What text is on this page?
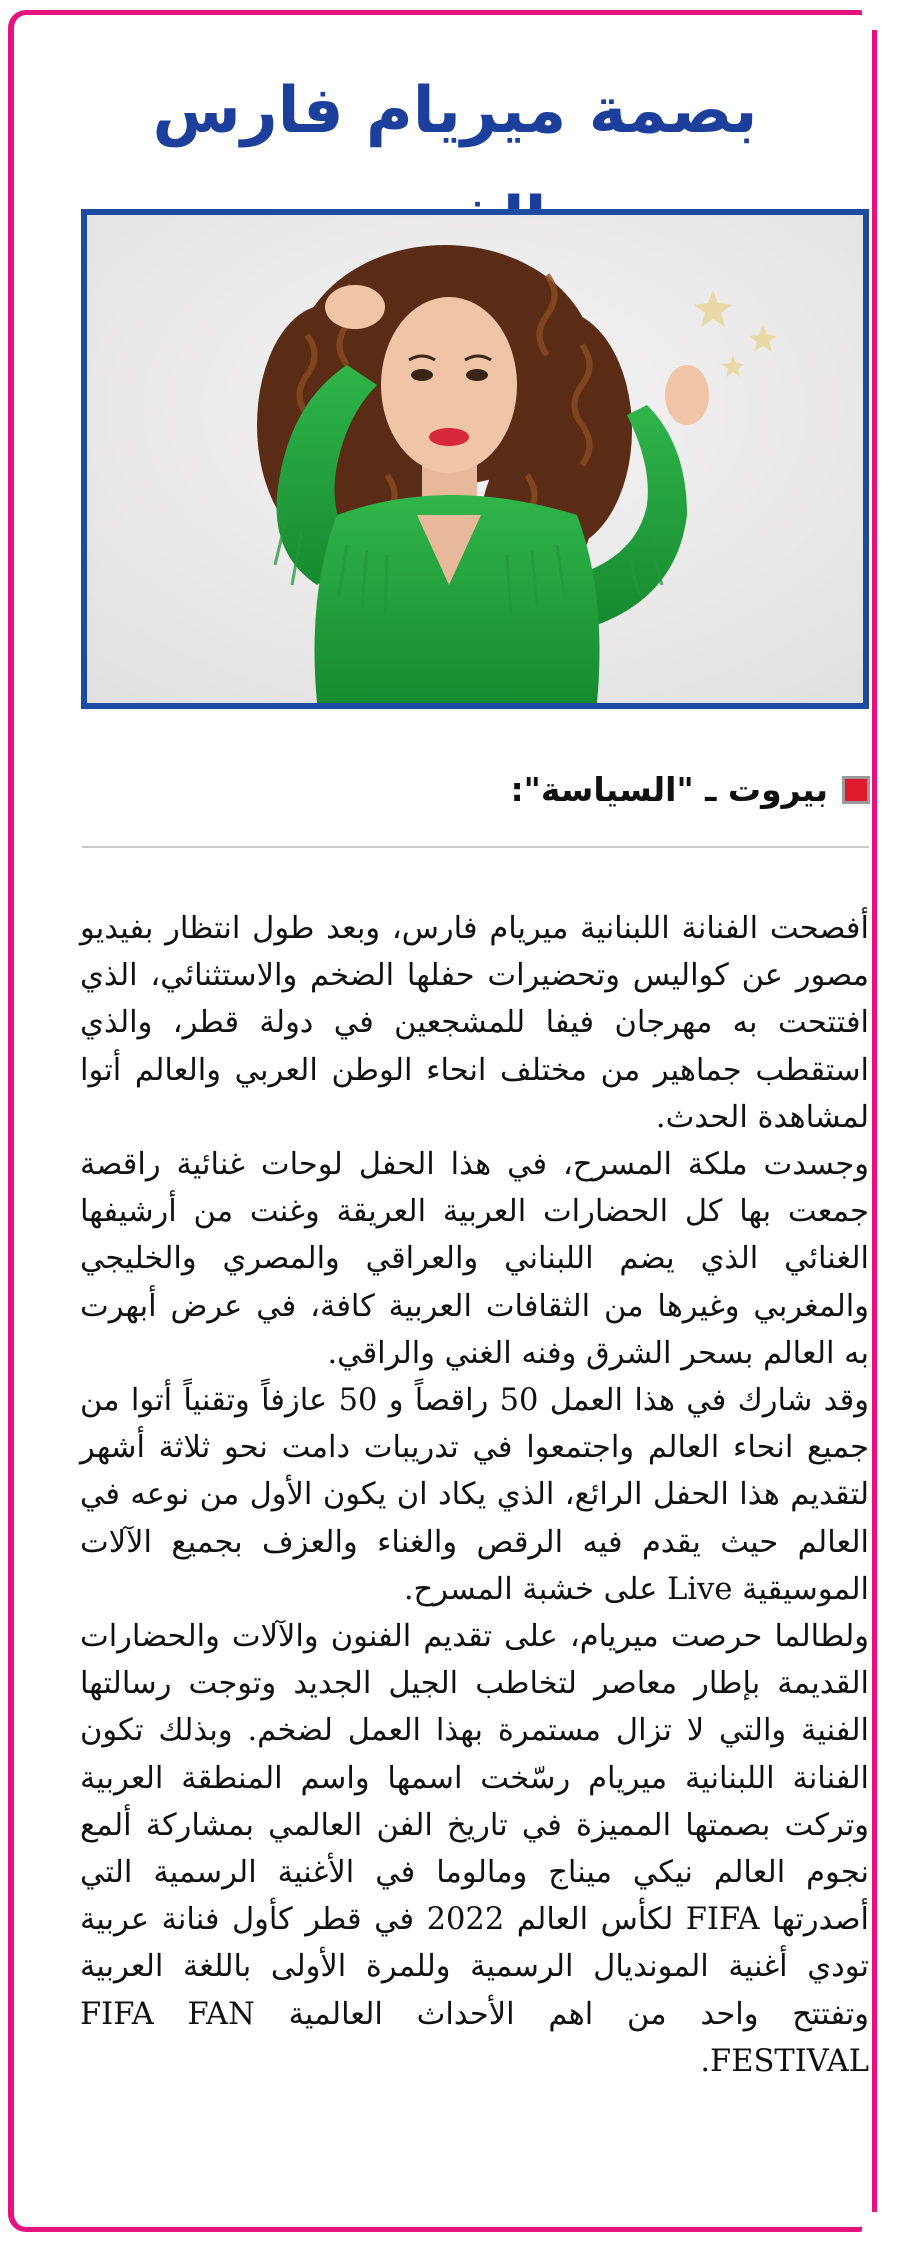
بصمة ميريام فارس
بيروت ـ "السياسة":

أفصحت الفنانة اللبنانية ميريام فارس، وبعد طول انتظار بفيديو مصور عن كواليس وتحضيرات حفلها الضخم والاستثنائي، الذي افتتحت به مهرجان فيفا للمشجعين في دولة قطر، والذي استقطب جماهير من مختلف انحاء الوطن العربي والعالم أتوا لمشاهدة الحدث.

وجسدت ملكة المسرح، في هذا الحفل لوحات غنائية راقصة جمعت بها كل الحضارات العربية العريقة وغنت من أرشيفها الغنائي الذي يضم اللبناني والعراقي والمصري والخليجي والمغربي وغيرها من الثقافات العربية كافة، في عرض أبهرت به العالم بسحر الشرق وفنه الغني والراقي.

وقد شارك في هذا العمل 50 راقصاً و 50 عازفاً وتقنياً أتوا من جميع انحاء العالم واجتمعوا في تدريبات دامت نحو ثلاثة أشهر لتقديم هذا الحفل الرائع، الذي يكاد ان يكون الأول من نوعه في العالم حيث يقدم فيه الرقص والغناء والعزف بجميع الآلات الموسيقية Live على خشبة المسرح.

ولطالما حرصت ميريام، على تقديم الفنون والآلات والحضارات القديمة بإطار معاصر لتخاطب الجيل الجديد وتوجت رسالتها الفنية والتي لا تزال مستمرة بهذا العمل لضخم. وبذلك تكون الفنانة اللبنانية ميريام رسّخت اسمها واسم المنطقة العربية وتركت بصمتها المميزة في تاريخ الفن العالمي بمشاركة ألمع نجوم العالم نيكي ميناج ومالوما في الأغنية الرسمية التي أصدرتها FIFA لكأس العالم 2022 في قطر كأول فنانة عربية تودي أغنية المونديال الرسمية وللمرة الأولى باللغة العربية وتفتتح واحد من اهم الأحداث العالمية FIFA FAN FESTIVAL.
